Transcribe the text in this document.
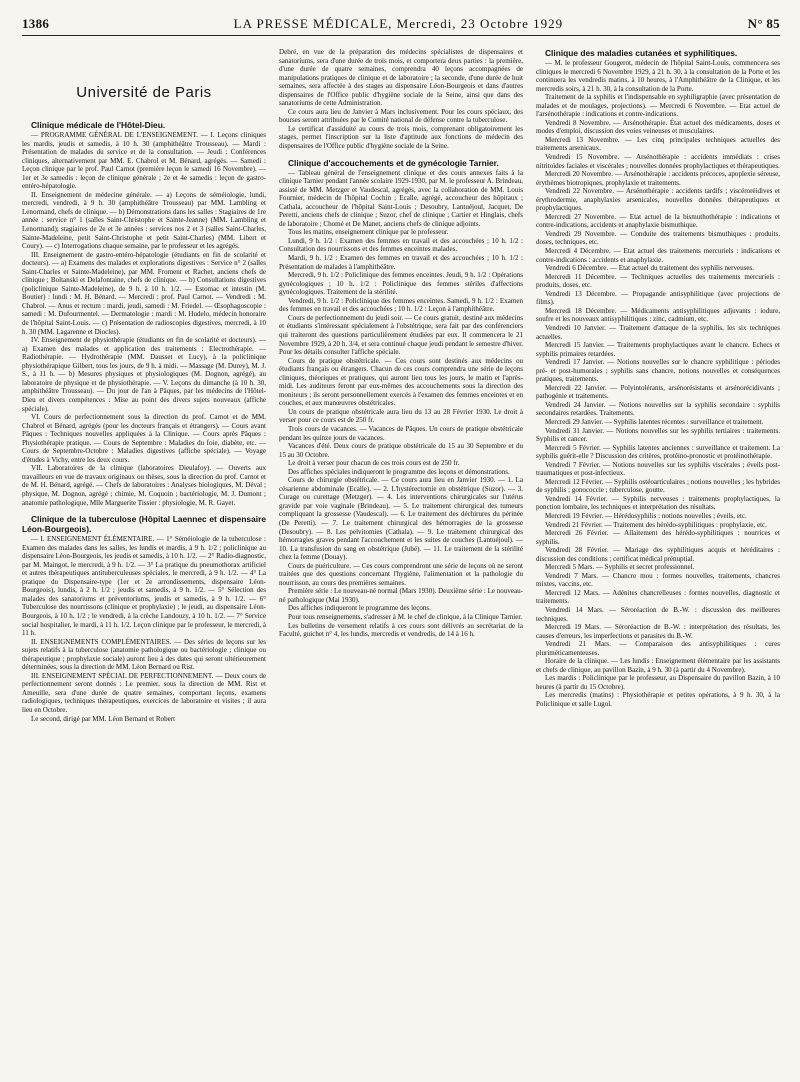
1386	LA PRESSE MÉDICALE, Mercredi, 23 Octobre 1929	N° 85
Université de Paris
Clinique médicale de l'Hôtel-Dieu.

— PROGRAMME GÉNÉRAL DE L'ENSEIGNEMENT. — I. Leçons cliniques les mardis, jeudis et samedis, à 10 h. 30 (amphithéâtre Trousseau). — Mardi : Présentation de malades du service et de la consultation. — Jeudi : Conférences cliniques, alternativement par MM. E. Chabrol et M. Bénard, agrégés. — Samedi : Leçon clinique par le prof. Paul Carnot (première leçon le samedi 16 Novembre). — 1er et 3e samedis : leçon de clinique générale ; 2e et 4e samedis : leçon de gastro-entéro-hépatologie.

II. Enseignement de médecine générale. — a) Leçons de séméiologie, lundi, mercredi, vendredi, à 9 h. 30 (amphithéâtre Trousseau) par MM. Lambling et Lenormand, chefs de clinique. — b) Démonstrations dans les salles : Stagiaires de 1re année : service n° 1 (salles Saint-Christophe et Sainte-Jeanne) (MM. Lambling et Lenormand); stagiaires de 2e et 3e années : services nos 2 et 3 (salles Saint-Charles, Sainte-Madeleine, petit Saint-Christophe et petit Saint-Charles) (MM. Libert et Coury). — c) Interrogations chaque semaine, par le professeur et les agrégés.

III. Enseignement de gastro-entéro-hépatologie (étudiants en fin de scolarité et docteurs). — a) Examens des malades et explorations digestives : Service n° 2 (salles Saint-Charles et Sainte-Madeleine), par MM. Froment et Rachet, anciens chefs de clinique ; Boltanski et Delafontaine, chefs de clinique. — b) Consultations digestives (policlinique Sainte-Madeleine), de 9 h. à 10 h. 1/2. — Estomac et intestin (M. Boutier) : lundi : M. H. Bénard. — Mercredi : prof. Paul Carnot. — Vendredi : M. Chabrol. — Anus et rectum : mardi, jeudi, samedi : M. Friedel. — Œsophagoscopie : samedi : M. Dufourmentel. — Dermatologie : mardi : M. Hudelo, médecin honoraire de l'hôpital Saint-Louis. — c) Présentation de radioscopies digestives, mercredi, à 10 h. 30 (MM. Lagarenne et Diocles).

IV. Enseignement de physiothérapie (étudiants en fin de scolarité et docteurs). — a) Examen des malades et application des traitements : Electrothérapie. — Radiothérapie. — Hydrothérapie (MM. Dausset et Lucy), à la policlinique physiothérapique Gilbert, tous les jours, de 9 h. à midi. — Massage (M. Durey), M. J. S., à 11 h. — b) Mesures physiques et physiologiques (M. Dognon, agrégé), au laboratoire de physique et de physiothérapie. — V. Leçons du dimanche (à 10 h. 30, amphithéâtre Trousseau). — Du jour de l'an à Pâques, par les médecins de l'Hôtel-Dieu et divers compétences : Mise au point des divers sujets nouveaux (affiche spéciale).

VI. Cours de perfectionnement sous la direction du prof. Carnot et de MM. Chabrol et Bénard, agrégés (pour les docteurs français et étrangers). — Cours avant Pâques : Techniques nouvelles appliquées à la Clinique. — Cours après Pâques : Physiothérapie pratique. — Cours de Septembre : Maladies du foie, diabète, etc. — Cours de Septembre-Octobre : Maladies digestives (affiche spéciale). — Voyage d'études à Vichy, entre les deux cours.

VII. Laboratoires de la clinique (laboratoires Dieulafoy). — Ouverts aux travailleurs en vue de travaux originaux ou thèses, sous la direction du prof. Carnot et de M. H. Bénard, agrégé. — Chefs de laboratoires : Analyses biologiques, M. Déval ; physique, M. Dognon, agrégé ; chimie, M. Coquoin ; bactériologie, M. J. Dumont ; anatomie pathologique, Mlle Marguerite Tissier : physiologie, M. R. Gayet.

Clinique de la tuberculose (Hôpital Laennec et dispensaire Léon-Bourgeois).

— I. ENSEIGNEMENT ÉLÉMENTAIRE. — 1° Séméiologie de la tuberculose : Examen des malades dans les salles, les lundis et mardis, à 9 h. 1/2 ; policlinique au dispensaire Léon-Bourgeois, les jeudis et samedis, à 10 h. 1/2. — 2° Radio-diagnostic, par M. Maingot, le mercredi, à 9 h. 1/2. — 3° La pratique du pneumothorax artificiel et autres thérapeutiques antituberculeuses spéciales, le mercredi, à 9 h. 1/2. — 4° La pratique du Dispensaire-type (1er et 2e arrondissements, dispensaire Léon-Bourgeois), lundis, à 2 h. 1/2 ; jeudis et samedis, à 9 h. 1/2. — 5° Sélection des malades des sanatoriums et préventoriums, jeudis et samedis, à 9 h. 1/2. — 6° Tuberculose des nourrissons (clinique et prophylaxie) ; le jeudi, au dispensaire Léon-Bourgeois, à 10 h. 1/2 ; le vendredi, à la crèche Landouzy, à 10 h. 1/2. — 7° Service social hospitalier, le mardi, à 11 h. 1/2. Leçon clinique par le professeur, le mercredi, à 11 h.

II. ENSEIGNEMENTS COMPLÉMENTAIRES. — Des séries de leçons sur les sujets relatifs à la tuberculose (anatomie pathologique ou bactériologie ; clinique ou thérapeutique ; prophylaxie sociale) auront lieu à des dates qui seront ultérieurement déterminées, sous la direction de MM. Léon Bernard ou Rist.

III. ENSEIGNEMENT SPÉCIAL DE PERFECTIONNEMENT. — Deux cours de perfectionnement seront donnés : Le premier, sous la direction de MM. Rist et Ameuille, sera d'une durée de quatre semaines, comportant leçons, examens radiologiques, techniques thérapeutiques, exercices de laboratoire et visites ; il aura lieu en Octobre.

Le second, dirigé par MM. Léon Bernard et Robert

Debré, en vue de la préparation des médecins spécialistes de dispensaires et sanatoriums, sera d'une durée de trois mois, et comportera deux parties : la première, d'une durée de quatre semaines, comprendra 40 leçons accompagnées de manipulations pratiques de clinique et de laboratoire ; la seconde, d'une durée de huit semaines, sera affectée à des stages au dispensaire Léon-Bourgeois et dans d'autres dispensaires de l'Office public d'hygiène sociale de la Seine, ainsi que dans des sanatoriums de cette Administration.

Ce cours aura lieu de Janvier à Mars inclusivement. Pour les cours spéciaux, des bourses seront attribuées par le Comité national de défense contre la tuberculose.

Le certificat d'assiduité au cours de trois mois, comprenant obligatoirement les stages, permet l'inscription sur la liste d'aptitude aux fonctions de médecin des dispensaires de l'Office public d'hygiène sociale de la Seine.

Clinique d'accouchements et de gynécologie Tarnier.

— Tableau général de l'enseignement clinique et des cours annexes faits à la clinique Tarnier pendant l'année scolaire 1929-1930, par M. le professeur A. Brindeau, assisté de MM. Metzger et Vaudescal, agrégés, avec la collaboration de MM. Louis Fournier, médecin de l'hôpital Cochin ; Ecalle, agrégé, accoucheur des hôpitaux ; Cathala, accoucheur de l'hôpital Saint-Louis ; Desoubry, Lantuéjoul, Jacquet, De Peretti, anciens chefs de clinique ; Suzor, chef de clinique ; Cartier et Hinglais, chefs de laboratoire ; Chomé et De Manet, anciens chefs de clinique adjoints.

Tous les matins, enseignement clinique par le professeur.

Lundi, 9 h. 1/2 : Examen des femmes en travail et des accouchées ; 10 h. 1/2 : Consultation des nourrissons et des femmes enceintes malades.

Mardi, 9 h. 1/2 : Examen des femmes en travail et des accouchées ; 10 h. 1/2 : Présentation de malades à l'amphithéâtre.

Mercredi, 9 h. 1/2 : Policlinique des femmes enceintes. Jeudi, 9 h. 1/2 : Opérations gynécologiques ; 10 h. 1/2 : Policlinique des femmes stériles d'affections gynécologiques. Traitement de la stérilité.

Vendredi, 9 h. 1/2 : Policlinique des femmes enceintes. Samedi, 9 h. 1/2 : Examen des femmes en travail et des accouchées ; 10 h. 1/2 : Leçon à l'amphithéâtre.

Cours de perfectionnement du jeudi soir. — Ce cours gratuit, destiné aux médecins et étudiants s'intéressant spécialement à l'obstétrique, sera fait par des conférenciers qui traiteront des questions particulièrement étudiées par eux. Il commencera le 21 Novembre 1929, à 20 h. 3/4, et sera continué chaque jeudi pendant le semestre d'hiver. Pour les détails consulter l'affiche spéciale.

Cours de pratique obstétricale. — Ces cours sont destinés aux médecins ou étudiants français ou étrangers. Chacun de ces cours comprendra une série de leçons cliniques, théoriques et pratiques, qui auront lieu tous les jours, le matin et l'après-midi. Les auditeurs feront par eux-mêmes des accouchements sous la direction des moniteurs ; ils seront personnellement exercés à l'examen des femmes enceintes et en couches, et aux manœuvres obstétricales.

Un cours de pratique obstétricale aura lieu du 13 au 28 Février 1930. Le droit à verser pour ce cours est de 250 fr.

Trois cours de vacances. — Vacances de Pâques. Un cours de pratique obstétricale pendant les quinze jours de vacances.

Vacances d'été. Deux cours de pratique obstétricale du 15 au 30 Septembre et du 15 au 30 Octobre.

Le droit à verser pour chacun de ces trois cours est de 250 fr.

Des affiches spéciales indiqueront le programme des leçons et démonstrations.

Cours de chirurgie obstétricale. — Ce cours aura lieu en Janvier 1930. — 1. La césarienne abdominale (Ecalle). — 2. L'hystérectomie en obstétrique (Suzor). — 3. Curage ou curettage (Metzger). — 4. Les interventions chirurgicales sur l'utérus gravide par voie vaginale (Brindeau). — 5. Le traitement chirurgical des tumeurs compliquant la grossesse (Vaudescal). — 6. Le traitement des déchirures du périnée (De Peretti). — 7. Le traitement chirurgical des hémorragies de la grossesse (Desoubry). — 8. Les pelvitomies (Cathala). — 9. Le traitement chirurgical des hémorragies graves pendant l'accouchement et les suites de couches (Lantuéjoul). — 10. La transfusion du sang en obstétrique (Jubé). — 11. Le traitement de la stérilité chez la femme (Douay).

Cours de puériculture. — Ces cours comprendront une série de leçons où ne seront traitées que des questions concernant l'hygiène, l'alimentation et la pathologie du nourrisson, au cours des premières semaines.

Première série : Le nouveau-né normal (Mars 1930). Deuxième série : Le nouveau-né pathologique (Mai 1930).

Des affiches indiqueront le programme des leçons.

Pour tous renseignements, s'adresser à M. le chef de clinique, à la Clinique Tarnier.

Les bulletins de versement relatifs à ces cours sont délivrés au secrétariat de la Faculté, guichet n° 4, les lundis, mercredis et vendredis, de 14 à 16 h.

Clinique des maladies cutanées et syphilitiques.

— M. le professeur Gougerot, médecin de l'hôpital Saint-Louis, commencera ses cliniques le mercredi 6 Novembre 1929, à 21 h. 30, à la consultation de la Porte et les continuera les vendredis matins, à 10 heures, à l'Amphithéâtre de la Clinique, et les mercredis soirs, à 21 h. 30, à la consultation de la Porte.

Traitement de la syphilis et l'indispensable en syphiligraphie (avec présentation de malades et de moulages, projections). — Mercredi 6 Novembre. — Etat actuel de l'arsénothérapie : indications et contre-indications.

Vendredi 8 Novembre. — Arsénothérapie. État actuel des médicaments, doses et modes d'emploi, discussion des voies veineuses et musculaires.

Mercredi 13 Novembre. — Les cinq principales techniques actuelles des traitements arsenicaux.

Vendredi 15 Novembre. — Arsénothérapie : accidents immédiats : crises nitritoïdes faciales et viscérales ; nouvelles données prophylactiques et thérapeutiques.

Mercredi 20 Novembre. — Arsénothérapie : accidents précoces, apoplexie séreuse, érythèmes biotropiques, prophylaxie et traitements.

Vendredi 22 Novembre. — Arsénothérapie : accidents tardifs ; viscéroréidives et érythrodermie, anaphylaxies arsenicales, nouvelles données thérapeutiques et prophylactiques.

Mercredi 27 Novembre. — Etat actuel de la bismuthothérapie : indications et contre-indications, accidents et anaphylaxie bismuthique.

Vendredi 29 Novembre. — Conduite des traitements bismuthiques : produits, doses, techniques, etc.

Mercredi 4 Décembre. — Etat actuel des traitements mercuriels : indications et contre-indications : accidents et anaphylaxie.

Vendredi 6 Décembre. — Etat actuel du traitement des syphilis nerveuses.

Mercredi 11 Décembre. — Techniques actuelles des traitements mercuriels : produits, doses, etc.

Vendredi 13 Décembre. — Propagande antisyphilitique (avec projections de films).

Mercredi 18 Décembre. — Médicaments antisyphilitiques adjuvants : iodure, soufre et les nouveaux antisyphilitiques : zinc, cadmium, etc.

Vendredi 10 Janvier. — Traitement d'attaque de la syphilis, les six techniques actuelles.

Mercredi 15 Janvier. — Traitements prophylactiques avant le chancre. Echecs et syphilis primaires retardées.

Vendredi 17 Janvier. — Notions nouvelles sur le chancre syphilitique : périodes pré- et post-humorales ; syphilis sans chancre, notions nouvelles et conséquences pratiques, traitements.

Mercredi 22 Janvier. — Polyintolérants, arsénorésistants et arsénorécidivants ; pathogénie et traitements.

Vendredi 24 Janvier. — Notions nouvelles sur la syphilis secondaire : syphilis secondaires retardées. Traitements.

Mercredi 29 Janvier. — Syphilis latentes récentes : surveillance et traitement.

Vendredi 31 Janvier. — Notions nouvelles sur les syphilis tertiaires : traitements. Syphilis et cancer.

Mercredi 5 Février. — Syphilis latentes anciennes : surveillance et traitement. La syphilis guérit-elle ? Discussion des critères, protéino-pronostic et protéinothérapie.

Vendredi 7 Février. — Notions nouvelles sur les syphilis viscérales ; éveils post-traumatiques et post-infectieux.

Mercredi 12 Février. — Syphilis ostéoarticulaires ; notions nouvelles ; les hybrides de syphilis ; gonococcie ; tuberculose, goutte.

Vendredi 14 Février. — Syphilis nerveuses : traitements prophylactiques, la ponction lombaire, les techniques et interprétation des résultats.

Mercredi 19 Février. — Hérédosyphilis : notions nouvelles ; éveils, etc.

Vendredi 21 Février. — Traitement des hérédo-syphilitiques : prophylaxie, etc.

Mercredi 26 Février. — Allaitement des hérédo-syphilitiques : nourrices et syphilis.

Vendredi 28 Février. — Mariage des syphilitiques acquis et héréditaires : discussion des conditions ; certificat médical prénuptial.

Mercredi 5 Mars. — Syphilis et secret professionnel.

Vendredi 7 Mars. — Chancre mou : formes nouvelles, traitements, chancres mixtes, vaccins, etc.

Mercredi 12 Mars. — Adénites chancrelleuses : formes nouvelles, diagnostic et traitements.

Vendredi 14 Mars. — Séroréaction de B.-W. : discussion des meilleures techniques.

Mercredi 19 Mars. — Séroréaction de B.-W. : interprétation des résultats, les causes d'erreurs, les imperfections et parasites du B.-W.

Vendredi 21 Mars. — Comparaison des antisyphilitiques : cures pluriméticamenteuses.

Horaire de la clinique. — Les lundis : Enseignement élémentaire par les assistants et chefs de clinique, au pavillon Bazin, à 9 h. 30 (à partir du 4 Novembre).

Les mardis : Policlinique par le professeur, au Dispensaire du pavillon Bazin, à 10 heures (à partir du 15 Octobre).

Les mercredis (matins) : Physiothérapie et petites opérations, à 9 h. 30, à la Policlinique et salle Lugol.
